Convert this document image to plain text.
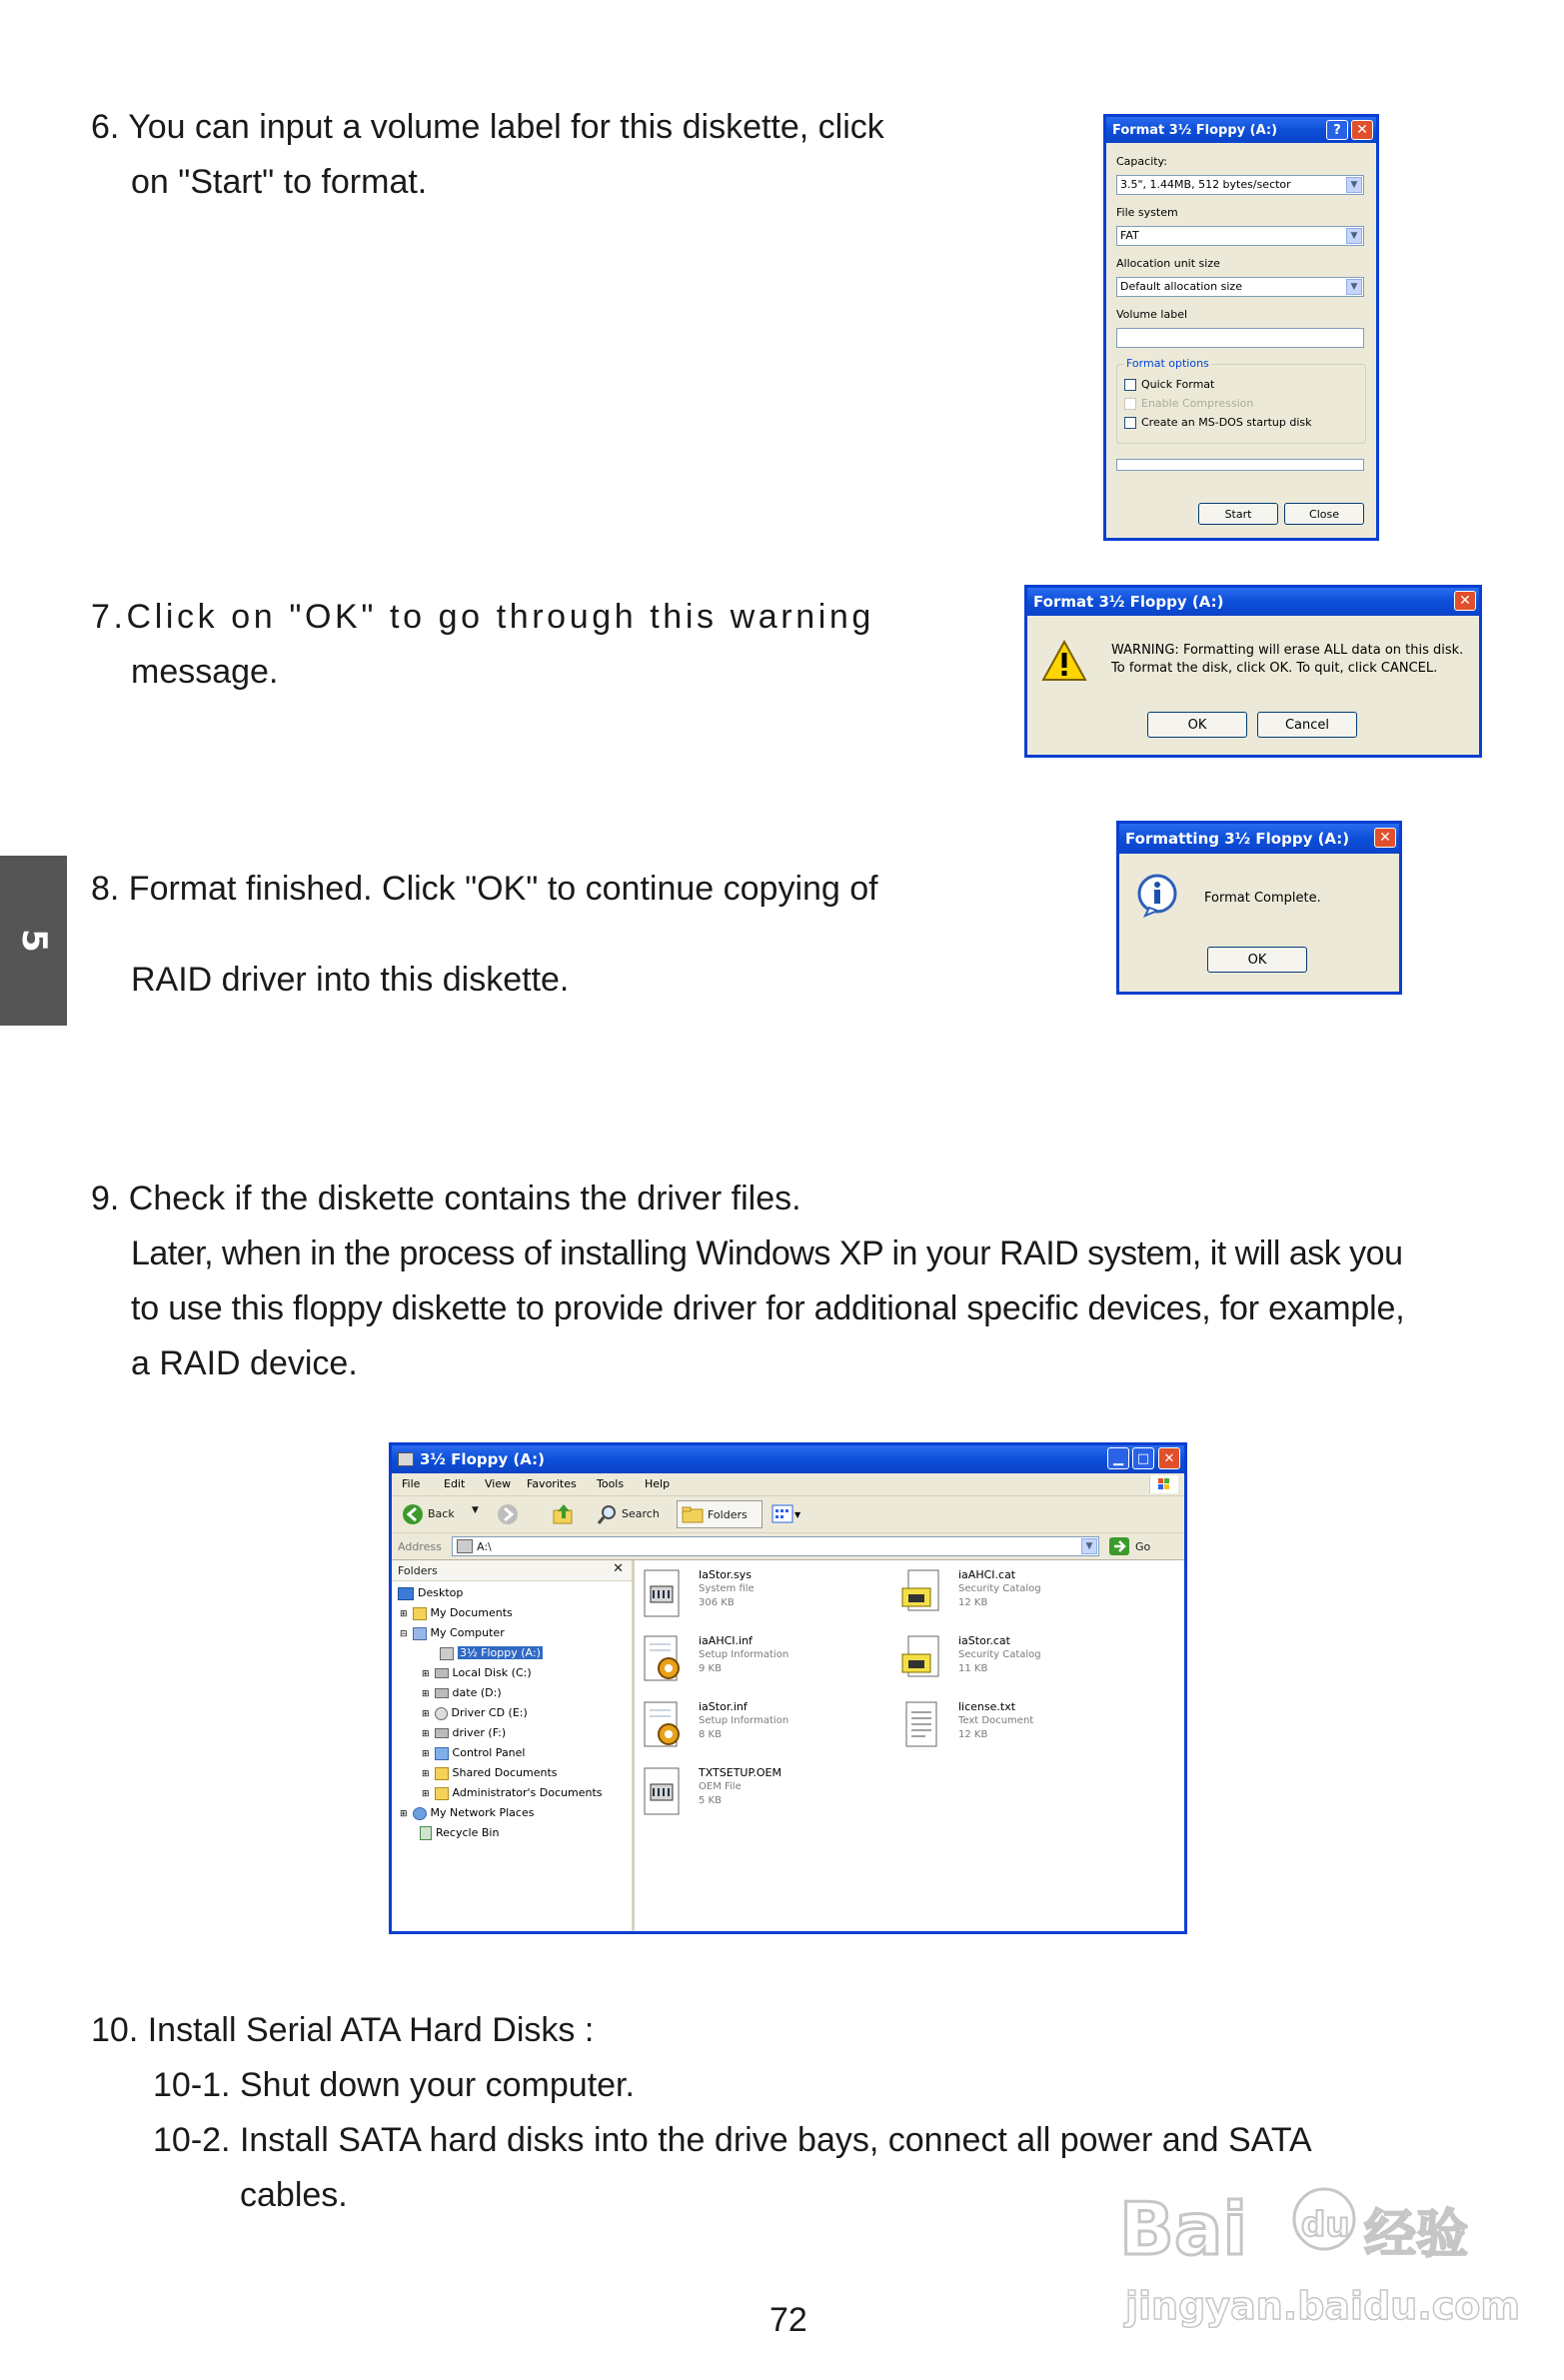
5
6. You can input a volume label for this diskette, click
on "Start" to format.
7.Click on "OK" to go through this warning
message.
8. Format finished. Click "OK" to continue copying of
RAID driver into this diskette.
9. Check if the diskette contains the driver files.
Later, when in the process of installing Windows XP in your RAID system, it will ask you
to use this floppy diskette to provide driver for additional specific devices, for example,
a RAID device.
10. Install Serial ATA Hard Disks :
10-1. Shut down your computer.
10-2. Install SATA hard disks into the drive bays, connect all power and SATA
cables.
72
Bai du 经验
jingyan.baidu.com
Format 3½ Floppy (A:)	?	✕
Capacity:
3.5", 1.44MB, 512 bytes/sector	▼
File system
FAT	▼
Allocation unit size
Default allocation size	▼
Volume label
Format options
Quick Format
Enable Compression
Create an MS-DOS startup disk
Start	Close
Format 3½ Floppy (A:)	✕
WARNING: Formatting will erase ALL data on this disk.
To format the disk, click OK. To quit, click CANCEL.
OK	Cancel
Formatting 3½ Floppy (A:)	✕
Format Complete.
OK
3½ Floppy (A:)	▁	□	✕
File Edit View Favorites Tools Help
Back ▼	Search	Folders	▼
Address	A:\	▼	Go
Folders	✕
Desktop
⊞ My Documents
⊟ My Computer
3½ Floppy (A:)
⊞ Local Disk (C:)
⊞ date (D:)
⊞ Driver CD (E:)
⊞ driver (F:)
⊞ Control Panel
⊞ Shared Documents
⊞ Administrator's Documents
⊞ My Network Places
Recycle Bin
IaStor.sys
System file
306 KB
iaAHCI.cat
Security Catalog
12 KB
iaAHCI.inf
Setup Information
9 KB
iaStor.cat
Security Catalog
11 KB
iaStor.inf
Setup Information
8 KB
license.txt
Text Document
12 KB
TXTSETUP.OEM
OEM File
5 KB
